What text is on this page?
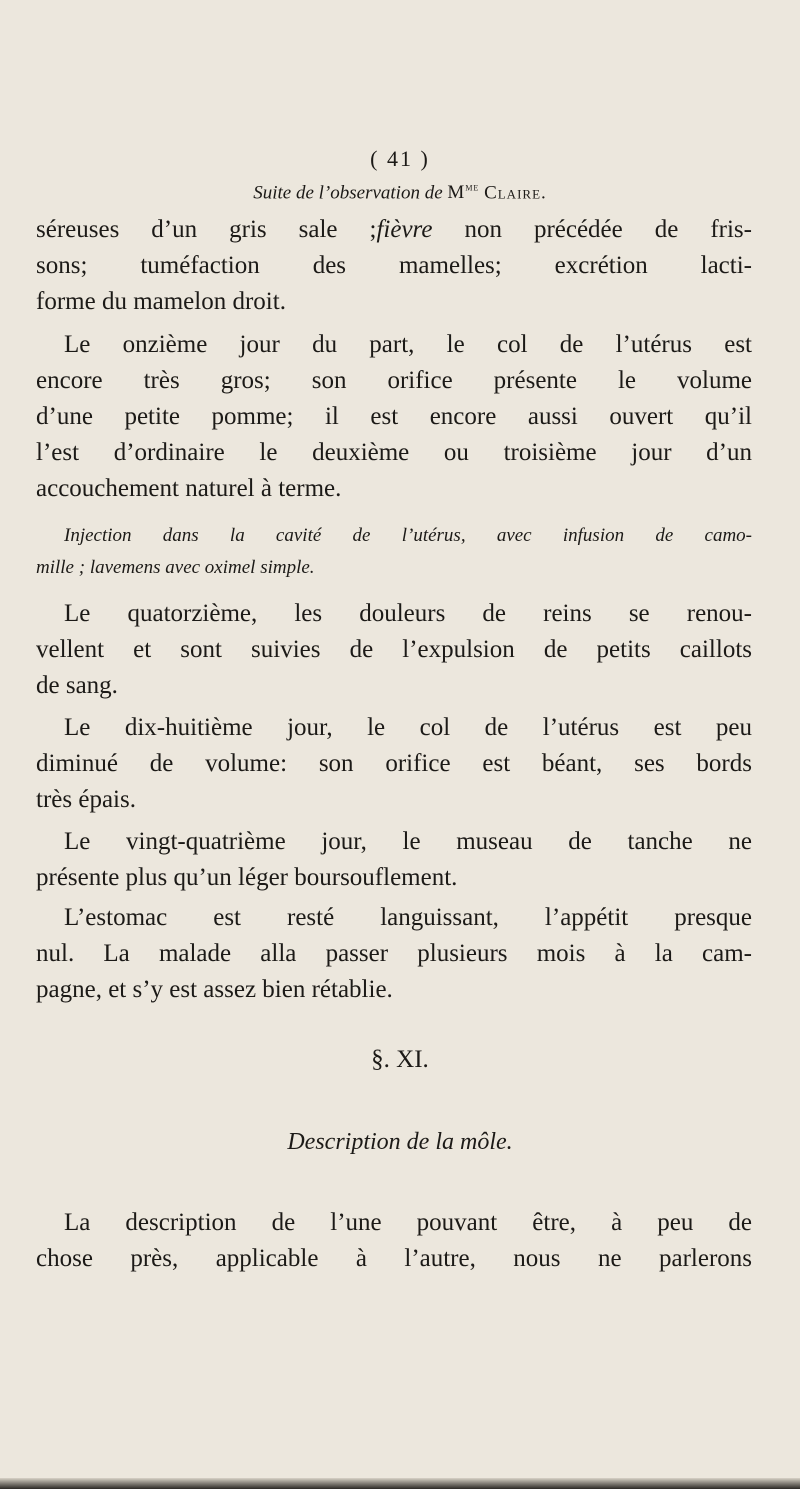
( 41 )
Suite de l’observation de $M^{me}$ Claire.
séreuses d’un gris sale ;fièvre non précédée de fris-
sons; tuméfaction des mamelles; excrétion lacti-
forme du mamelon droit.
Le onzième jour du part, le col de l’utérus est
encore très gros; son orifice présente le volume
d’une petite pomme; il est encore aussi ouvert qu’il
l’est d’ordinaire le deuxième ou troisième jour d’un
accouchement naturel à terme.
Injection dans la cavité de l’utérus, avec infusion de camo-
mille ; lavemens avec oximel simple.
Le quatorzième, les douleurs de reins se renou-
vellent et sont suivies de l’expulsion de petits caillots
de sang.
Le dix-huitième jour, le col de l’utérus est peu
diminué de volume: son orifice est béant, ses bords
très épais.
Le vingt-quatrième jour, le museau de tanche ne
présente plus qu’un léger boursouflement.
L’estomac est resté languissant, l’appétit presque
nul. La malade alla passer plusieurs mois à la cam-
pagne, et s’y est assez bien rétablie.
§. XI.
Description de la môle.
La description de l’une pouvant être, à peu de
chose près, applicable à l’autre, nous ne parlerons
